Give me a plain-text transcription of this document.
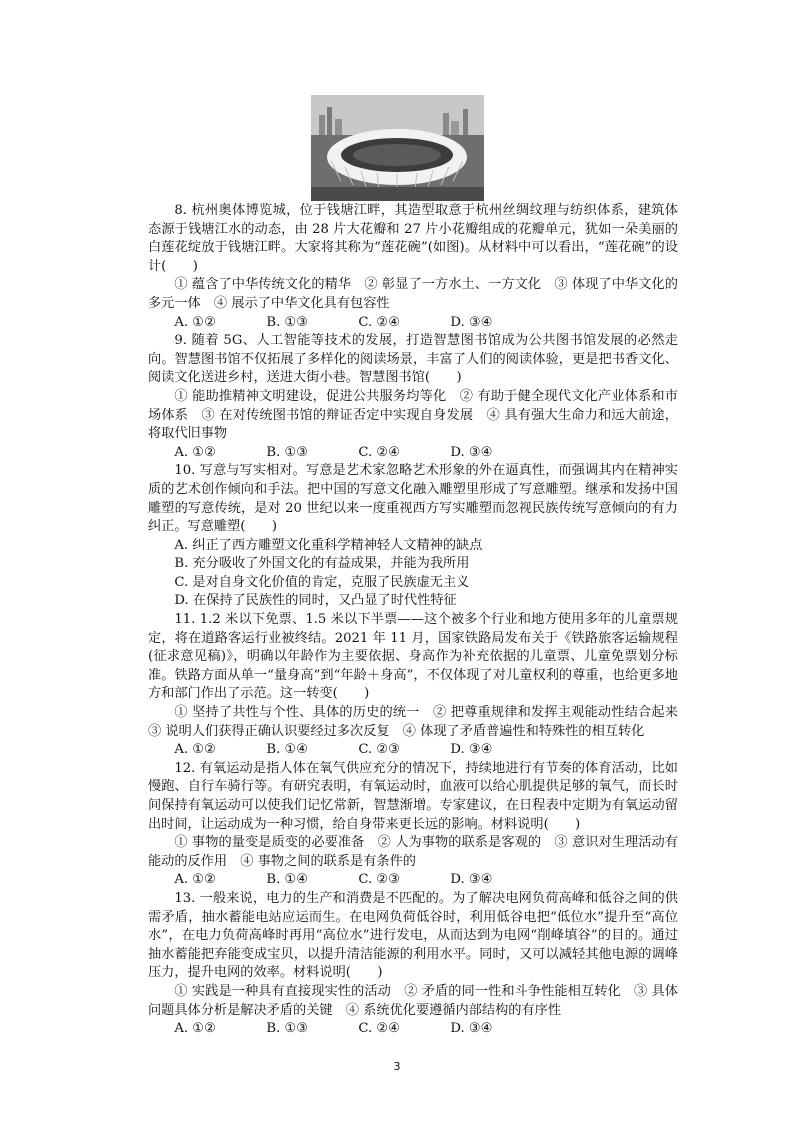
8. 杭州奥体博览城，位于钱塘江畔，其造型取意于杭州丝绸纹理与纺织体系，建筑体态源于钱塘江水的动态，由 28 片大花瓣和 27 片小花瓣组成的花瓣单元，犹如一朵美丽的白莲花绽放于钱塘江畔。大家将其称为“莲花碗”(如图)。从材料中可以看出，“莲花碗”的设计(　　)

① 蕴含了中华传统文化的精华　② 彰显了一方水土、一方文化　③ 体现了中华文化的多元一体　④ 展示了中华文化具有包容性

A. ①②	B. ①③	C. ②④	D. ③④

9. 随着 5G、人工智能等技术的发展，打造智慧图书馆成为公共图书馆发展的必然走向。智慧图书馆不仅拓展了多样化的阅读场景，丰富了人们的阅读体验，更是把书香文化、阅读文化送进乡村，送进大街小巷。智慧图书馆(　　)

① 能助推精神文明建设，促进公共服务均等化　② 有助于健全现代文化产业体系和市场体系　③ 在对传统图书馆的辩证否定中实现自身发展　④ 具有强大生命力和远大前途，将取代旧事物

A. ①②	B. ①③	C. ②④	D. ③④

10. 写意与写实相对。写意是艺术家忽略艺术形象的外在逼真性，而强调其内在精神实质的艺术创作倾向和手法。把中国的写意文化融入雕塑里形成了写意雕塑。继承和发扬中国雕塑的写意传统，是对 20 世纪以来一度重视西方写实雕塑而忽视民族传统写意倾向的有力纠正。写意雕塑(　　)

A. 纠正了西方雕塑文化重科学精神轻人文精神的缺点

B. 充分吸收了外国文化的有益成果，并能为我所用

C. 是对自身文化价值的肯定，克服了民族虚无主义

D. 在保持了民族性的同时，又凸显了时代性特征

11. 1.2 米以下免票、1.5 米以下半票——这个被多个行业和地方使用多年的儿童票规定，将在道路客运行业被终结。2021 年 11 月，国家铁路局发布关于《铁路旅客运输规程(征求意见稿)》，明确以年龄作为主要依据、身高作为补充依据的儿童票、儿童免票划分标准。铁路方面从单一“量身高”到“年龄＋身高”，不仅体现了对儿童权利的尊重，也给更多地方和部门作出了示范。这一转变(　　)

① 坚持了共性与个性、具体的历史的统一　② 把尊重规律和发挥主观能动性结合起来　③ 说明人们获得正确认识要经过多次反复　④ 体现了矛盾普遍性和特殊性的相互转化

A. ①②	B. ①④	C. ②③	D. ③④

12. 有氧运动是指人体在氧气供应充分的情况下，持续地进行有节奏的体育活动，比如慢跑、自行车骑行等。有研究表明，有氧运动时，血液可以给心肌提供足够的氧气，而长时间保持有氧运动可以使我们记忆常新，智慧渐增。专家建议，在日程表中定期为有氧运动留出时间，让运动成为一种习惯，给自身带来更长远的影响。材料说明(　　)

① 事物的量变是质变的必要准备　② 人为事物的联系是客观的　③ 意识对生理活动有能动的反作用　④ 事物之间的联系是有条件的

A. ①②	B. ①④	C. ②③	D. ③④

13. 一般来说，电力的生产和消费是不匹配的。为了解决电网负荷高峰和低谷之间的供需矛盾，抽水蓄能电站应运而生。在电网负荷低谷时，利用低谷电把“低位水”提升至“高位水”，在电力负荷高峰时再用“高位水”进行发电，从而达到为电网“削峰填谷”的目的。通过抽水蓄能把弃能变成宝贝，以提升清洁能源的利用水平。同时，又可以减轻其他电源的调峰压力，提升电网的效率。材料说明(　　)

① 实践是一种具有直接现实性的活动　② 矛盾的同一性和斗争性能相互转化　③ 具体问题具体分析是解决矛盾的关键　④ 系统优化要遵循内部结构的有序性

A. ①②	B. ①③	C. ②④	D. ③④
3
